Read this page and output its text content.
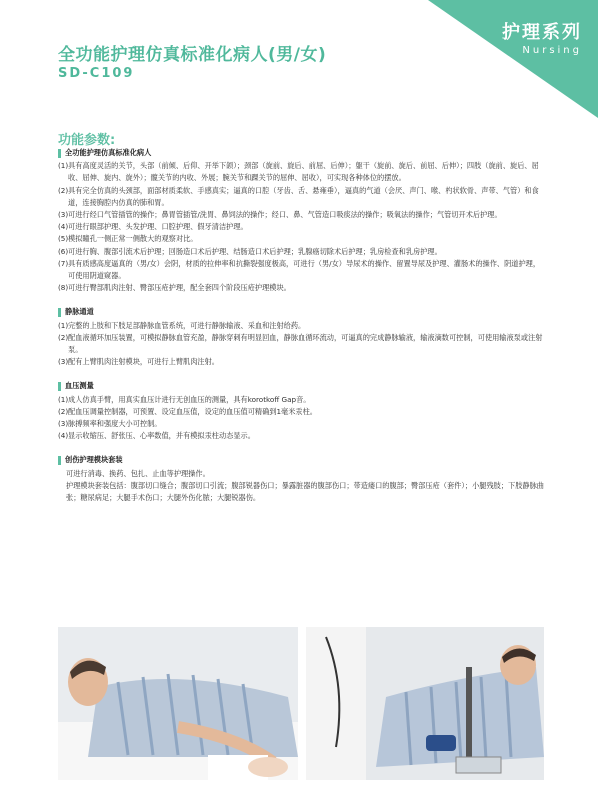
护理系列
Nursing
全功能护理仿真标准化病人(男/女)
SD-C109
功能参数:
全功能护理仿真标准化病人
(1) 具有高度灵活的关节，头部（前倾、后仰、开举下颌）；颈部（旋前、旋后、前屈、后伸）；躯干（旋前、旋后、前屈、后伸）；四肢（旋前、旋后、屈收、屈伸、旋内、旋外）；髋关节的内收、外展；腕关节和踝关节的屈伸、屈收），可实现各种体位的摆放。
(2) 具有完全仿真的头颈部，面部材质柔软、手感真实；逼真的口腔（牙齿、舌、悬雍垂），逼真的气道（会厌、声门、喉、杓状软骨、声带、气管）和食道，连接胸腔内仿真的肺和胃。
(3) 可进行经口气管插管的操作；鼻胃管插管/洗胃、鼻饲法的操作；经口、鼻、气管造口吸痰法的操作；吸氧法的操作；气管切开术后护理。
(4) 可进行眼部护理、头发护理、口腔护理、假牙清洁护理。
(5) 模拟瞳孔一侧正常一侧散大的观察对比。
(6) 可进行胸、腹部引流术后护理；回肠造口术后护理、结肠造口术后护理；乳腺癌切除术后护理；乳房检查和乳房护理。
(7) 具有质感高度逼真的（男/女）会阴，材质的拉伸率和抗撕裂强度极高，可进行（男/女）导尿术的操作、留置导尿及护理、灌肠术的操作、阴道护理，可使用阴道窥器。
(8) 可进行臀部肌肉注射、臀部压疮护理，配全套四个阶段压疮护理模块。
静脉通道
(1) 完整的上肢和下肢足部静脉血管系统，可进行静脉输液、采血和注射给药。
(2) 配血液循环加压装置，可模拟静脉血管充盈，静脉穿刺有明显回血，静脉血循环流动，可逼真的完成静脉输液，输液滴数可控制，可使用输液泵或注射泵。
(3) 配有上臂肌肉注射模块，可进行上臂肌肉注射。
血压测量
(1) 成人仿真手臂，用真实血压计进行无创血压的测量，具有korotkoff Gap音。
(2) 配血压调量控制器，可预置、设定血压值，设定的血压值可精确到1毫米汞柱。
(3) 脉搏频率和强度大小可控制。
(4) 显示收缩压、舒张压、心率数值，并有模拟汞柱动态显示。
创伤护理模块套装
可进行消毒、换药、包扎、止血等护理操作。
护理模块套装包括：腹部切口缝合；腹部切口引流；腹部锐器伤口；暴露脏器的腹部伤口；带造瘘口的腹部；臀部压疮（套件）；小腿残肢；下肢静脉曲张；糖尿病足；大腿手术伤口；大腿外伤化脓；大腿锐器伤。
